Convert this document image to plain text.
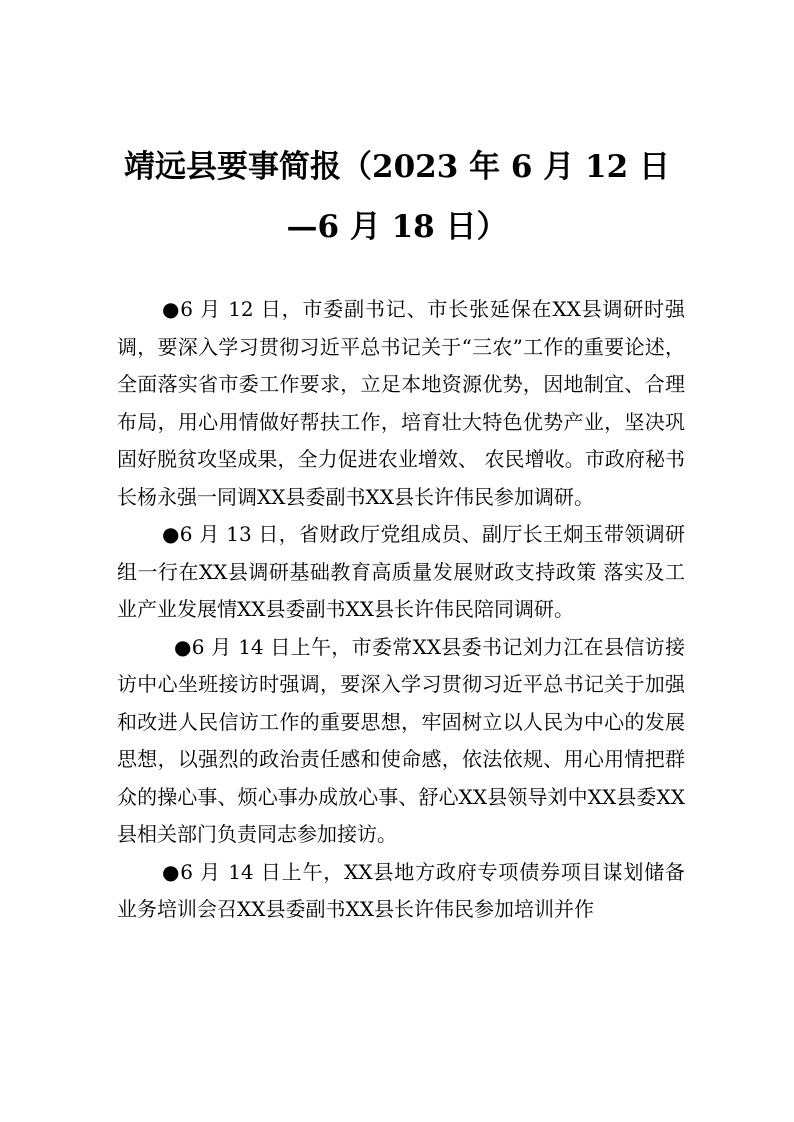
靖远县要事简报（2023 年 6 月 12 日—6 月 18 日）

●6 月 12 日，市委副书记、市长张延保在XX县调研时强调，要深入学习贯彻习近平总书记关于“三农”工作的重要论述，全面落实省市委工作要求，立足本地资源优势，因地制宜、合理布局，用心用情做好帮扶工作，培育壮大特色优势产业，坚决巩固好脱贫攻坚成果，全力促进农业增效、 农民增收。市政府秘书长杨永强一同调XX县委副书XX县长许伟民参加调研。

●6 月 13 日，省财政厅党组成员、副厅长王炯玉带领调研组一行在XX县调研基础教育高质量发展财政支持政策 落实及工业产业发展情XX县委副书XX县长许伟民陪同调研。

●6 月 14 日上午，市委常XX县委书记刘力江在县信访接访中心坐班接访时强调，要深入学习贯彻习近平总书记关于加强和改进人民信访工作的重要思想，牢固树立以人民为中心的发展思想，以强烈的政治责任感和使命感，依法依规、用心用情把群众的操心事、烦心事办成放心事、舒心XX县领导刘中XX县委XX县相关部门负责同志参加接访。

●6 月 14 日上午，XX县地方政府专项债券项目谋划储备业务培训会召XX县委副书XX县长许伟民参加培训并作
